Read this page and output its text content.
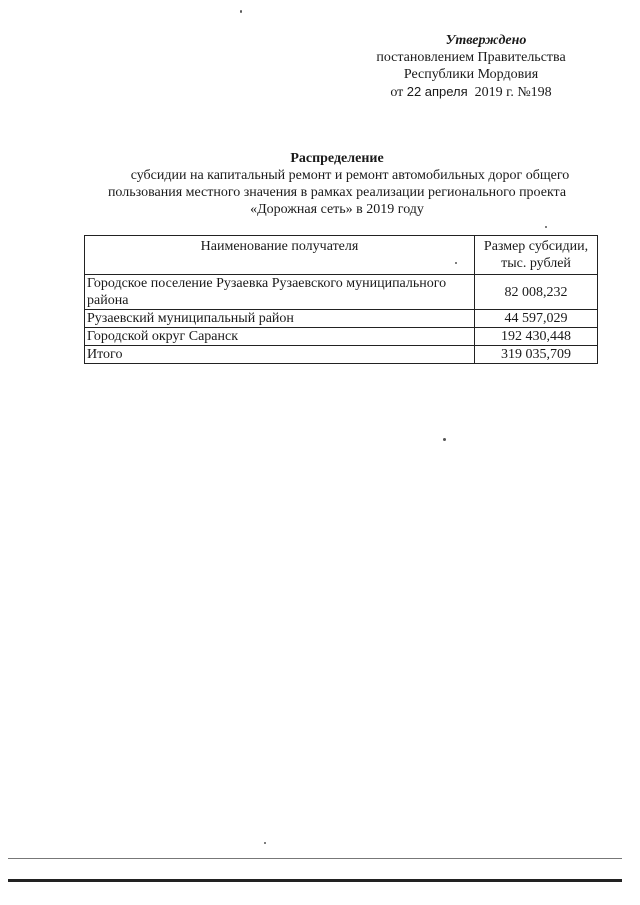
Утверждено
постановлением Правительства
Республики Мордовия
от 22 апреля 2019 г. №198
Распределение
субсидии на капитальный ремонт и ремонт автомобильных дорог общего пользования местного значения в рамках реализации регионального проекта «Дорожная сеть» в 2019 году
Наименование получателя	Размер субсидии, тыс. рублей
Городское поселение Рузаевка Рузаевского муниципального района	82 008,232
Рузаевский муниципальный район	44 597,029
Городской округ Саранск	192 430,448
Итого	319 035,709
